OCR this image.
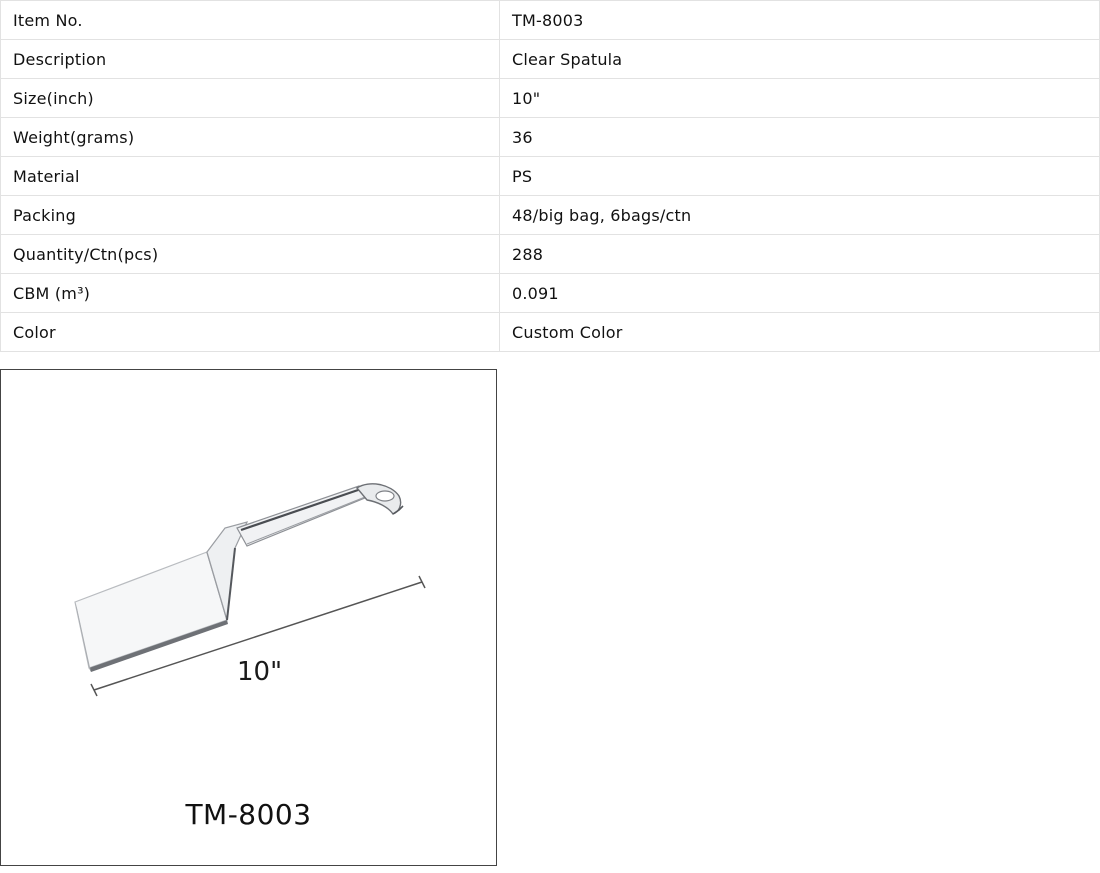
Item No.	TM-8003
Description	Clear Spatula
Size(inch)	10"
Weight(grams)	36
Material	PS
Packing	48/big bag, 6bags/ctn
Quantity/Ctn(pcs)	288
CBM (m³)	0.091
Color	Custom Color
10"
TM-8003
